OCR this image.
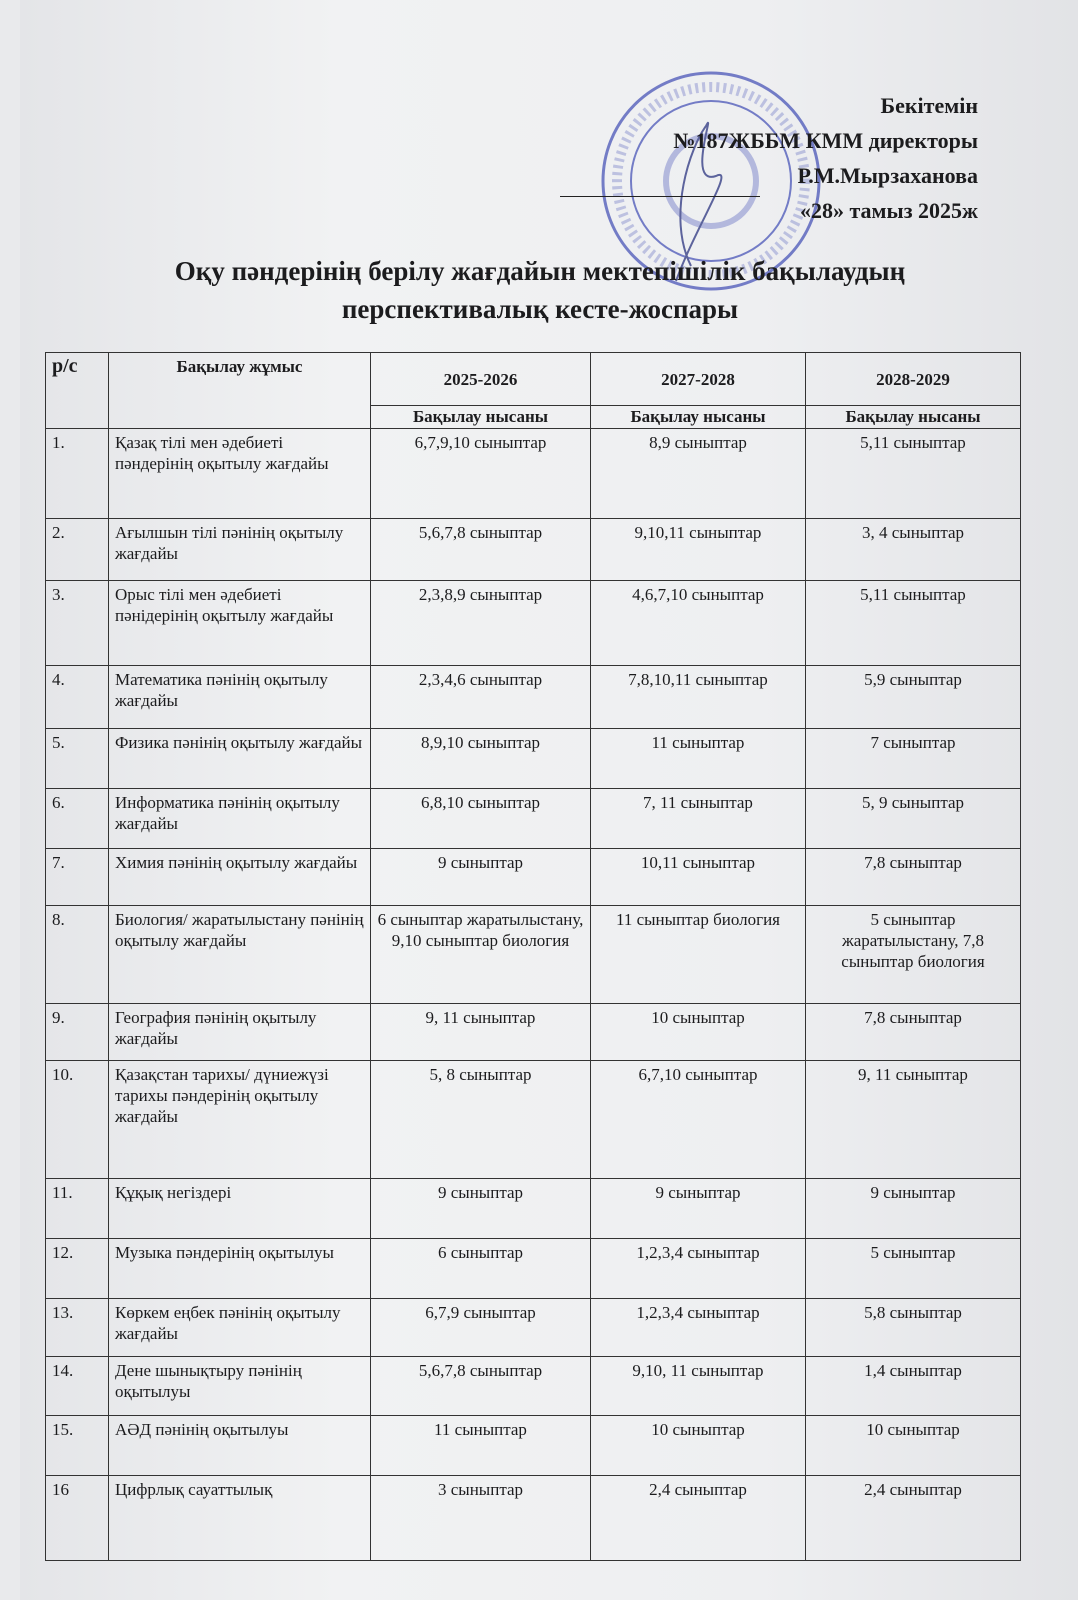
Бекітемін
№187ЖББМ КММ директоры
Р.М.Мырзаханова
«28» тамыз 2025ж
Оқу пәндерінің берілу жағдайын мектепішілік бақылаудың
перспективалық кесте-жоспары
р/с	Бақылау жұмыс	2025-2026	2027-2028	2028-2029
		Бақылау нысаны	Бақылау нысаны	Бақылау нысаны
1.	Қазақ тілі мен әдебиеті пәндерінің оқытылу жағдайы	6,7,9,10 сыныптар	8,9 сыныптар	5,11 сыныптар
2.	Ағылшын тілі пәнінің оқытылу жағдайы	5,6,7,8 сыныптар	9,10,11 сыныптар	3, 4 сыныптар
3.	Орыс тілі мен әдебиеті пәнідерінің оқытылу жағдайы	2,3,8,9 сыныптар	4,6,7,10 сыныптар	5,11 сыныптар
4.	Математика пәнінің оқытылу жағдайы	2,3,4,6 сыныптар	7,8,10,11 сыныптар	5,9 сыныптар
5.	Физика пәнінің оқытылу жағдайы	8,9,10 сыныптар	11 сыныптар	7 сыныптар
6.	Информатика пәнінің оқытылу жағдайы	6,8,10 сыныптар	7, 11 сыныптар	5, 9 сыныптар
7.	Химия пәнінің оқытылу жағдайы	9 сыныптар	10,11 сыныптар	7,8 сыныптар
8.	Биология/ жаратылыстану пәнінің оқытылу жағдайы	6 сыныптар жаратылыстану, 9,10 сыныптар биология	11 сыныптар биология	5 сыныптар жаратылыстану, 7,8 сыныптар биология
9.	География пәнінің оқытылу жағдайы	9, 11 сыныптар	10 сыныптар	7,8 сыныптар
10.	Қазақстан тарихы/ дүниежүзі тарихы пәндерінің оқытылу жағдайы	5, 8 сыныптар	6,7,10 сыныптар	9, 11 сыныптар
11.	Құқық негіздері	9 сыныптар	9 сыныптар	9 сыныптар
12.	Музыка пәндерінің оқытылуы	6 сыныптар	1,2,3,4 сыныптар	5 сыныптар
13.	Көркем еңбек пәнінің оқытылу жағдайы	6,7,9 сыныптар	1,2,3,4 сыныптар	5,8 сыныптар
14.	Дене шынықтыру пәнінің оқытылуы	5,6,7,8 сыныптар	9,10, 11 сыныптар	1,4 сыныптар
15.	АӘД пәнінің оқытылуы	11 сыныптар	10 сыныптар	10 сыныптар
16	Цифрлық сауаттылық	3 сыныптар	2,4 сыныптар	2,4 сыныптар
